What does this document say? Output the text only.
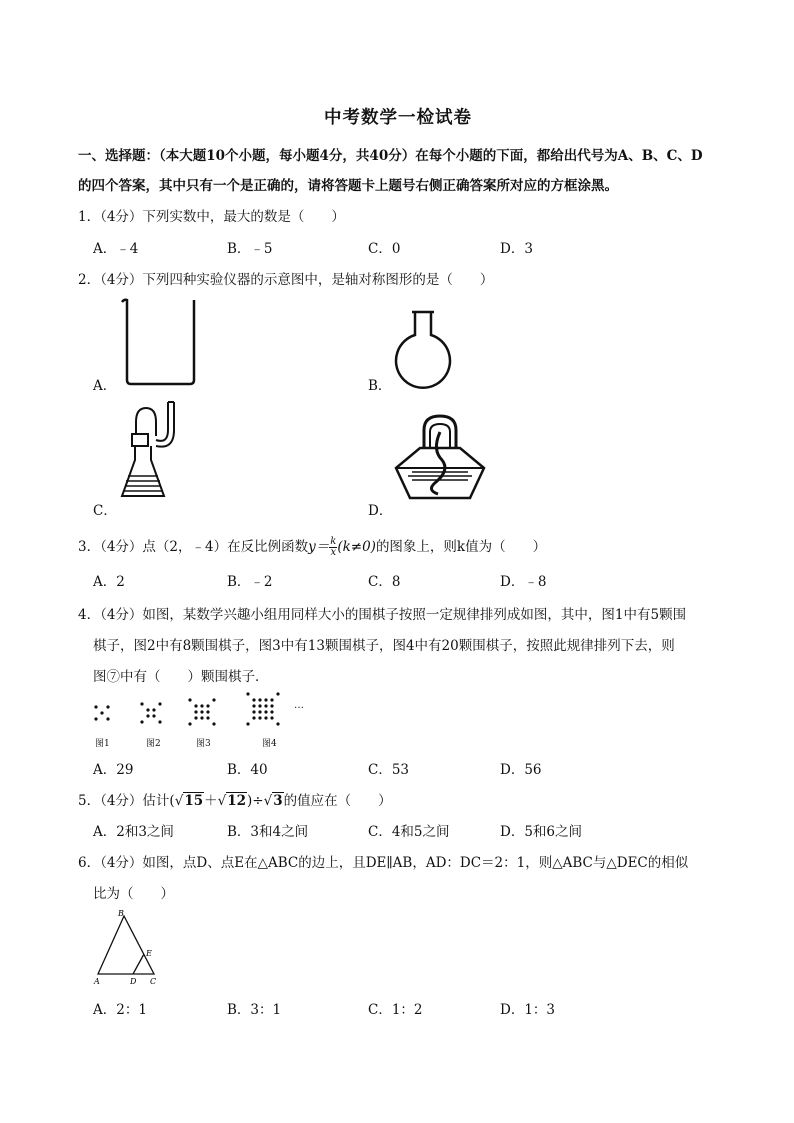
中考数学一检试卷
一、选择题：（本大题10个小题，每小题4分，共40分）在每个小题的下面，都给出代号为A、B、C、D
的四个答案，其中只有一个是正确的，请将答题卡上题号右侧正确答案所对应的方框涂黑。
1．（4分）下列实数中，最大的数是（　　）
A．﹣4	B．﹣5	C．0	D．3
2．（4分）下列四种实验仪器的示意图中，是轴对称图形的是（　　）
A．	B．
C．	D．
3．（4分）点（2，﹣4）在反比例函数$y= \frac{k}{x} (k\ne 0)$的图象上，则k值为（　　）
A．2	B．﹣2	C．8	D．﹣8
4．（4分）如图，某数学兴趣小组用同样大小的围棋子按照一定规律排列成如图，其中，图1中有5颗围
棋子，图2中有8颗围棋子，图3中有13颗围棋子，图4中有20颗围棋子，按照此规律排列下去，则
图⑦中有（　　）颗围棋子．
…
图1	图2	图3	图4
A．29	B．40	C．53	D．56
5．（4分）估计(√15＋√12)÷√3的值应在（　　）
A．2和3之间	B．3和4之间	C．4和5之间	D．5和6之间
6．（4分）如图，点D、点E在△ABC的边上，且DE∥AB，AD：DC＝2：1，则△ABC与△DEC的相似
比为（　　）
B
E
A	D C
A．2：1	B．3：1	C．1：2	D．1：3
